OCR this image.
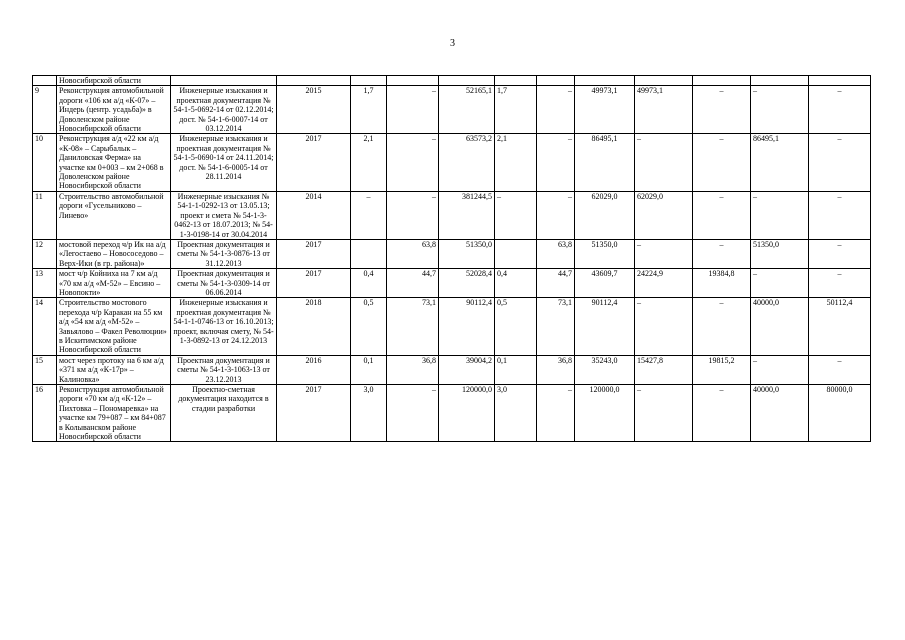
3
	Новосибирской области												
9	Реконструкция автомобильной дороги «106 км а/д «К-07» – Индерь (центр. усадьба)» в Доволенском районе Новосибирской области	Инженерные изыскания и проектная документация № 54-1-5-0692-14 от 02.12.2014; дост. № 54-1-6-0007-14 от 03.12.2014	2015	1,7	–	52165,1	1,7	–	49973,1	49973,1	–	–	–
10	Реконструкция а/д «22 км а/д «К-08» – Сарыбалык – Даниловская Ферма» на участке км 0+003 – км 2+068 в Доволенском районе Новосибирской области	Инженерные изыскания и проектная документация № 54-1-5-0690-14 от 24.11.2014; дост. № 54-1-6-0005-14 от 28.11.2014	2017	2,1	–	63573,2	2,1	–	86495,1	–	–	86495,1	–
11	Строительство автомобильной дороги «Гусельниково – Линево»	Инженерные изыскания № 54-1-1-0292-13 от 13.05.13; проект и смета № 54-1-3-0462-13 от 18.07.2013; № 54-1-3-0198-14 от 30.04.2014	2014	–	–	381244,5	–	–	62029,0	62029,0	–	–	–
12	мостовой переход ч/р Ик на а/д «Легостаево – Новососедово – Верх-Ики (в гр. района)»	Проектная документация и сметы № 54-1-3-0876-13 от 31.12.2013	2017		63,8	51350,0		63,8	51350,0	–	–	51350,0	–
13	мост ч/р Койниха на 7 км а/д «70 км а/д «М-52» – Евсино – Новопокти»	Проектная документация и сметы № 54-1-3-0309-14 от 06.06.2014	2017	0,4	44,7	52028,4	0,4	44,7	43609,7	24224,9	19384,8	–	–
14	Строительство мостового перехода ч/р Каракан на 55 км а/д «54 км а/д «М-52» – Завьялово – Факел Революции» в Искитимском районе Новосибирской области	Инженерные изыскания и проектная документация № 54-1-1-0746-13 от 16.10.2013; проект, включая смету, № 54-1-3-0892-13 от 24.12.2013	2018	0,5	73,1	90112,4	0,5	73,1	90112,4	–	–	40000,0	50112,4
15	мост через протоку на 6 км а/д «371 км а/д «К-17р» – Калиновка»	Проектная документация и сметы № 54-1-3-1063-13 от 23.12.2013	2016	0,1	36,8	39004,2	0,1	36,8	35243,0	15427,8	19815,2	–	–
16	Реконструкция автомобильной дороги «70 км а/д «К-12» – Пихтовка – Пономаревка» на участке км 79+087 – км 84+087 в Колыванском районе Новосибирской области	Проектно-сметная документация находится в стадии разработки	2017	3,0	–	120000,0	3,0	–	120000,0	–	–	40000,0	80000,0
